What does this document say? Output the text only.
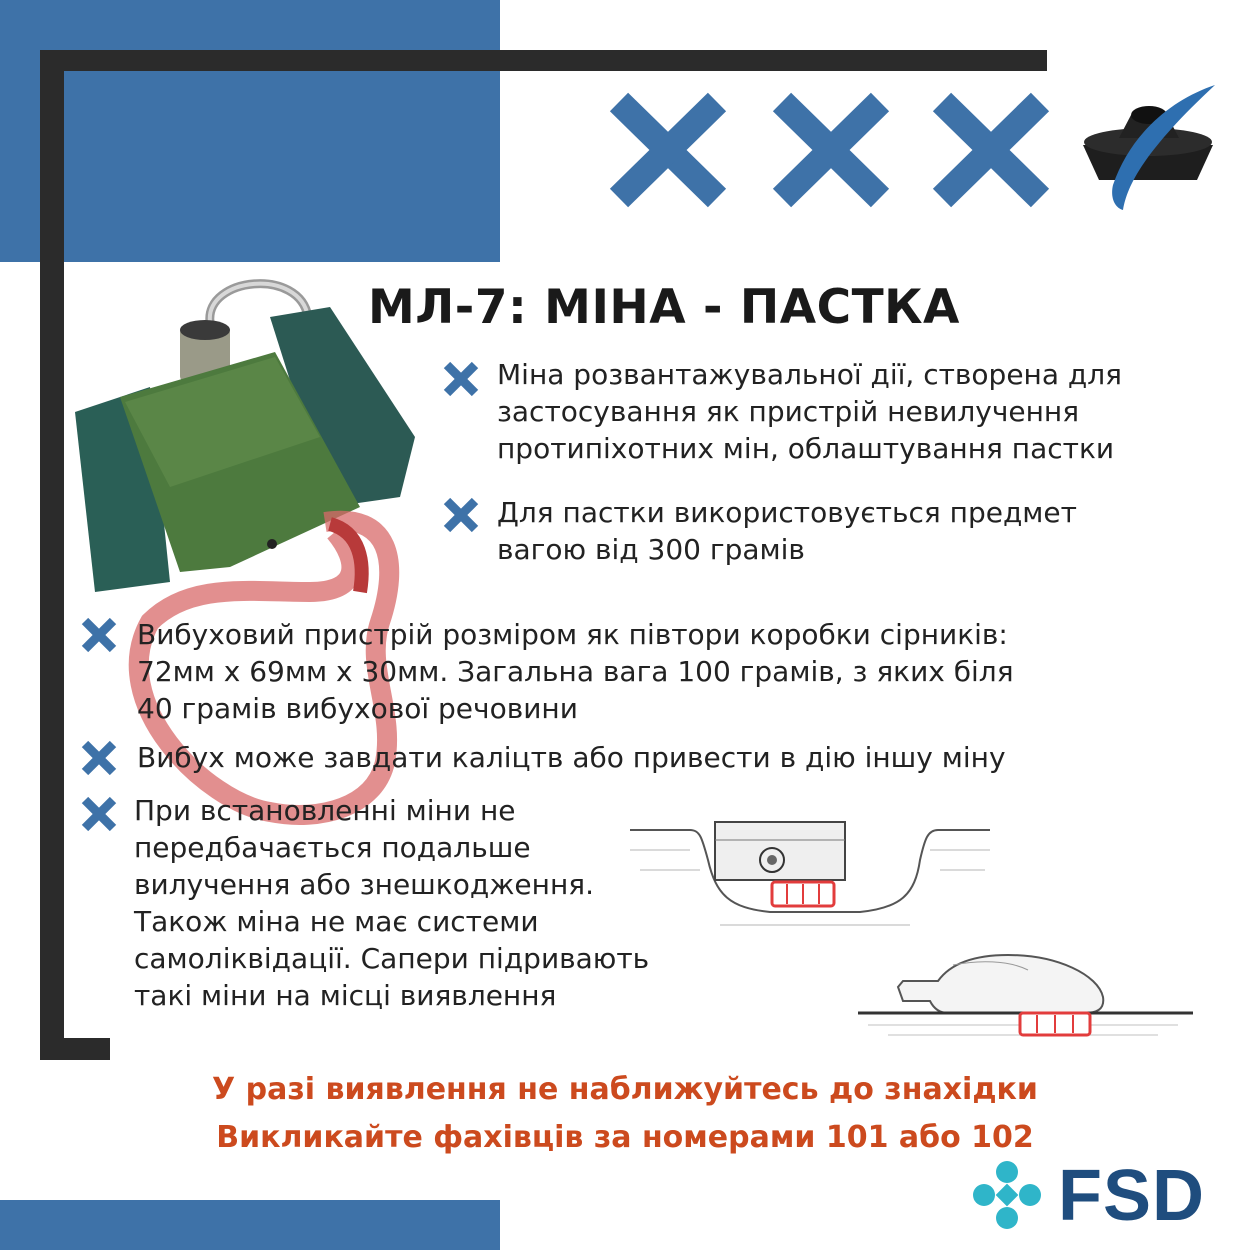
МЛ-7: МІНА - ПАСТКА
Міна розвантажувальної дії, створена для
застосування як пристрій невилучення
протипіхотних мін, облаштування пастки
Для пастки використовується предмет
вагою від 300 грамів
Вибуховий пристрій розміром як півтори коробки сірників:
72мм х 69мм х 30мм. Загальна вага 100 грамів, з яких біля
40 грамів вибухової речовини
Вибух може завдати каліцтв або привести в дію іншу міну
При встановленні міни не
передбачається подальше
вилучення або знешкодження.
Також міна не має системи
самоліквідації. Сапери підривають
такі міни на місці виявлення
У разі виявлення не наближуйтесь до знахідки
Викликайте фахівців за номерами 101 або 102
FSD
